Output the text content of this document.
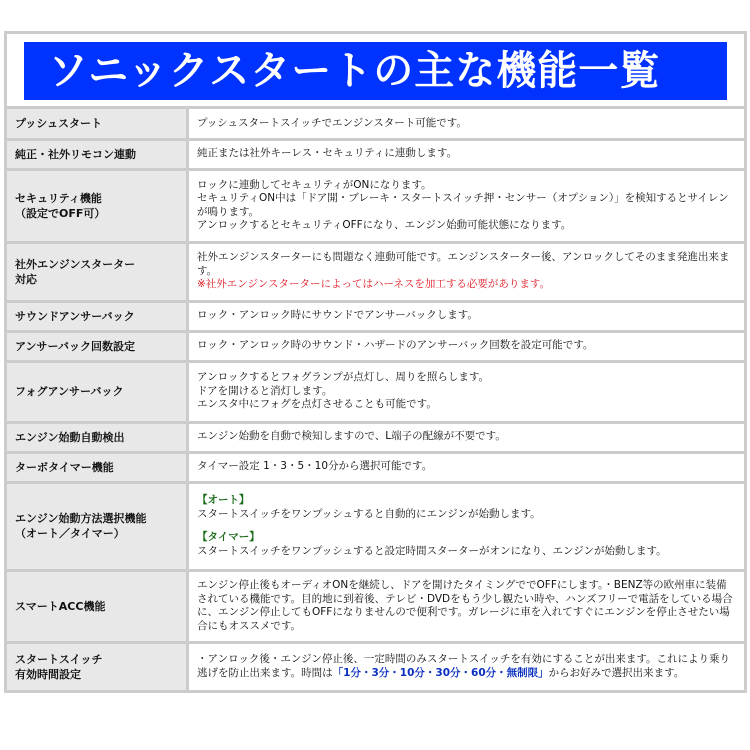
ソニックスタートの主な機能一覧
プッシュスタート	プッシュスタートスイッチでエンジンスタート可能です。

純正・社外リモコン連動	純正または社外キーレス・セキュリティに連動します。

セキュリティ機能
（設定でOFF可）	ロックに連動してセキュリティがONになります。
セキュリティON中は「ドア開・ブレーキ・スタートスイッチ押・センサー（オプション）」を検知するとサイレンが鳴ります。
アンロックするとセキュリティOFFになり、エンジン始動可能状態になります。

社外エンジンスターター
対応	社外エンジンスターターにも問題なく連動可能です。エンジンスターター後、アンロックしてそのまま発進出来ます。
※社外エンジンスターターによってはハーネスを加工する必要があります。

サウンドアンサーバック	ロック・アンロック時にサウンドでアンサーバックします。

アンサーバック回数設定	ロック・アンロック時のサウンド・ハザードのアンサーバック回数を設定可能です。

フォグアンサーバック	アンロックするとフォグランプが点灯し、周りを照らします。
ドアを開けると消灯します。
エンスタ中にフォグを点灯させることも可能です。

エンジン始動自動検出	エンジン始動を自動で検知しますので、L端子の配線が不要です。

ターボタイマー機能	タイマー設定 1・3・5・10分から選択可能です。

エンジン始動方法選択機能
（オート／タイマー）	【オート】
スタートスイッチをワンプッシュすると自動的にエンジンが始動します。
【タイマー】
スタートスイッチをワンプッシュすると設定時間スターターがオンになり、エンジンが始動します。

スマートACC機能	エンジン停止後もオーディオONを継続し、ドアを開けたタイミングででOFFにします。・BENZ等の欧州車に装備されている機能です。目的地に到着後、テレビ・DVDをもう少し観たい時や、ハンズフリーで電話をしている場合に、エンジン停止してもOFFになりませんので便利です。ガレージに車を入れてすぐにエンジンを停止させたい場合にもオススメです。

スタートスイッチ
有効時間設定	・アンロック後・エンジン停止後、一定時間のみスタートスイッチを有効にすることが出来ます。これにより乗り逃げを防止出来ます。時間は「1分・3分・10分・30分・60分・無制限」からお好みで選択出来ます。
